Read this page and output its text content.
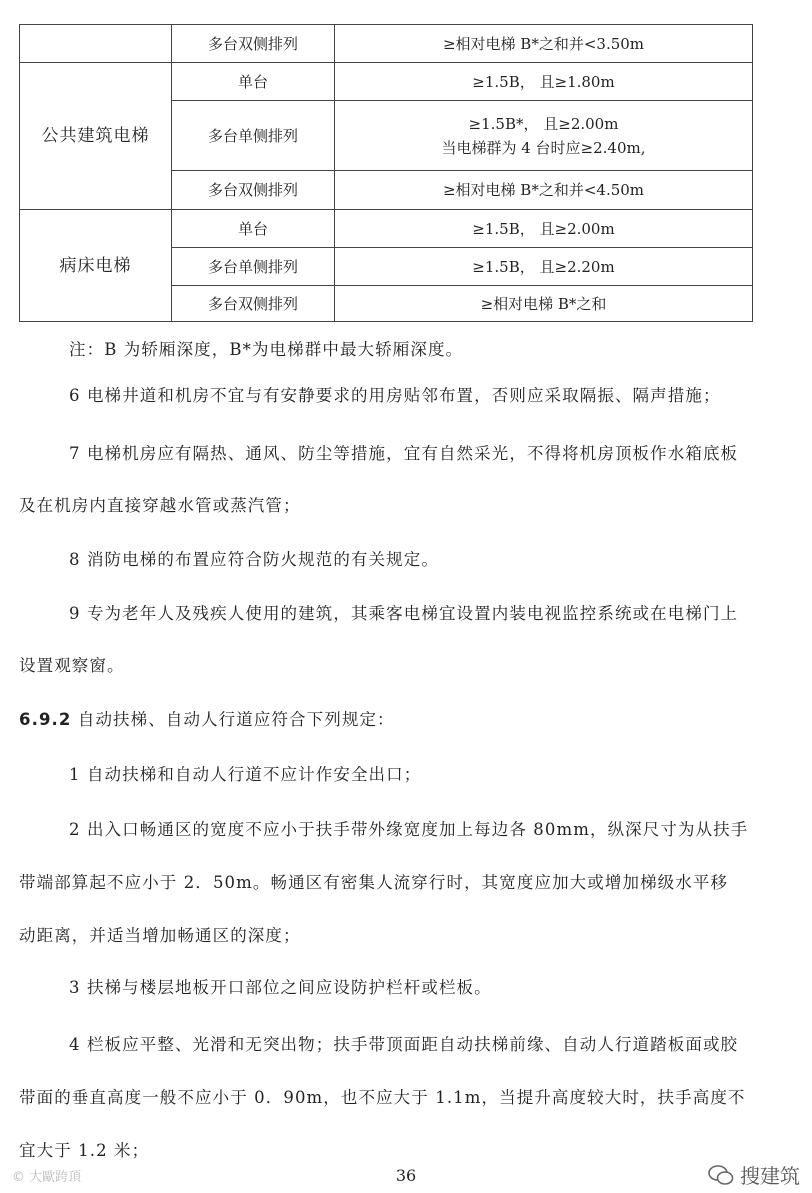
	多台双侧排列	≥相对电梯 B*之和并<3.50m
公共建筑电梯	单台	≥1.5B， 且≥1.80m
	多台单侧排列	≥1.5B*， 且≥2.00m
当电梯群为 4 台时应≥2.40m,

	多台双侧排列	≥相对电梯 B*之和并<4.50m
病床电梯	单台	≥1.5B， 且≥2.00m
	多台单侧排列	≥1.5B， 且≥2.20m
	多台双侧排列	≥相对电梯 B*之和
注：B 为轿厢深度，B*为电梯群中最大轿厢深度。
6 电梯井道和机房不宜与有安静要求的用房贴邻布置，否则应采取隔振、隔声措施；
7 电梯机房应有隔热、通风、防尘等措施，宜有自然采光，不得将机房顶板作水箱底板
及在机房内直接穿越水管或蒸汽管；
8 消防电梯的布置应符合防火规范的有关规定。
9 专为老年人及残疾人使用的建筑，其乘客电梯宜设置内装电视监控系统或在电梯门上
设置观察窗。
6.9.2 自动扶梯、自动人行道应符合下列规定：
1 自动扶梯和自动人行道不应计作安全出口；
2 出入口畅通区的宽度不应小于扶手带外缘宽度加上每边各 80mm，纵深尺寸为从扶手
带端部算起不应小于 2．50m。畅通区有密集人流穿行时，其宽度应加大或增加梯级水平移
动距离，并适当增加畅通区的深度；
3 扶梯与楼层地板开口部位之间应设防护栏杆或栏板。
4 栏板应平整、光滑和无突出物；扶手带顶面距自动扶梯前缘、自动人行道踏板面或胶
带面的垂直高度一般不应小于 0．90m，也不应大于 1.1m，当提升高度较大时，扶手高度不
宜大于 1.2 米；
© 大歐跨頂	36	搜建筑
